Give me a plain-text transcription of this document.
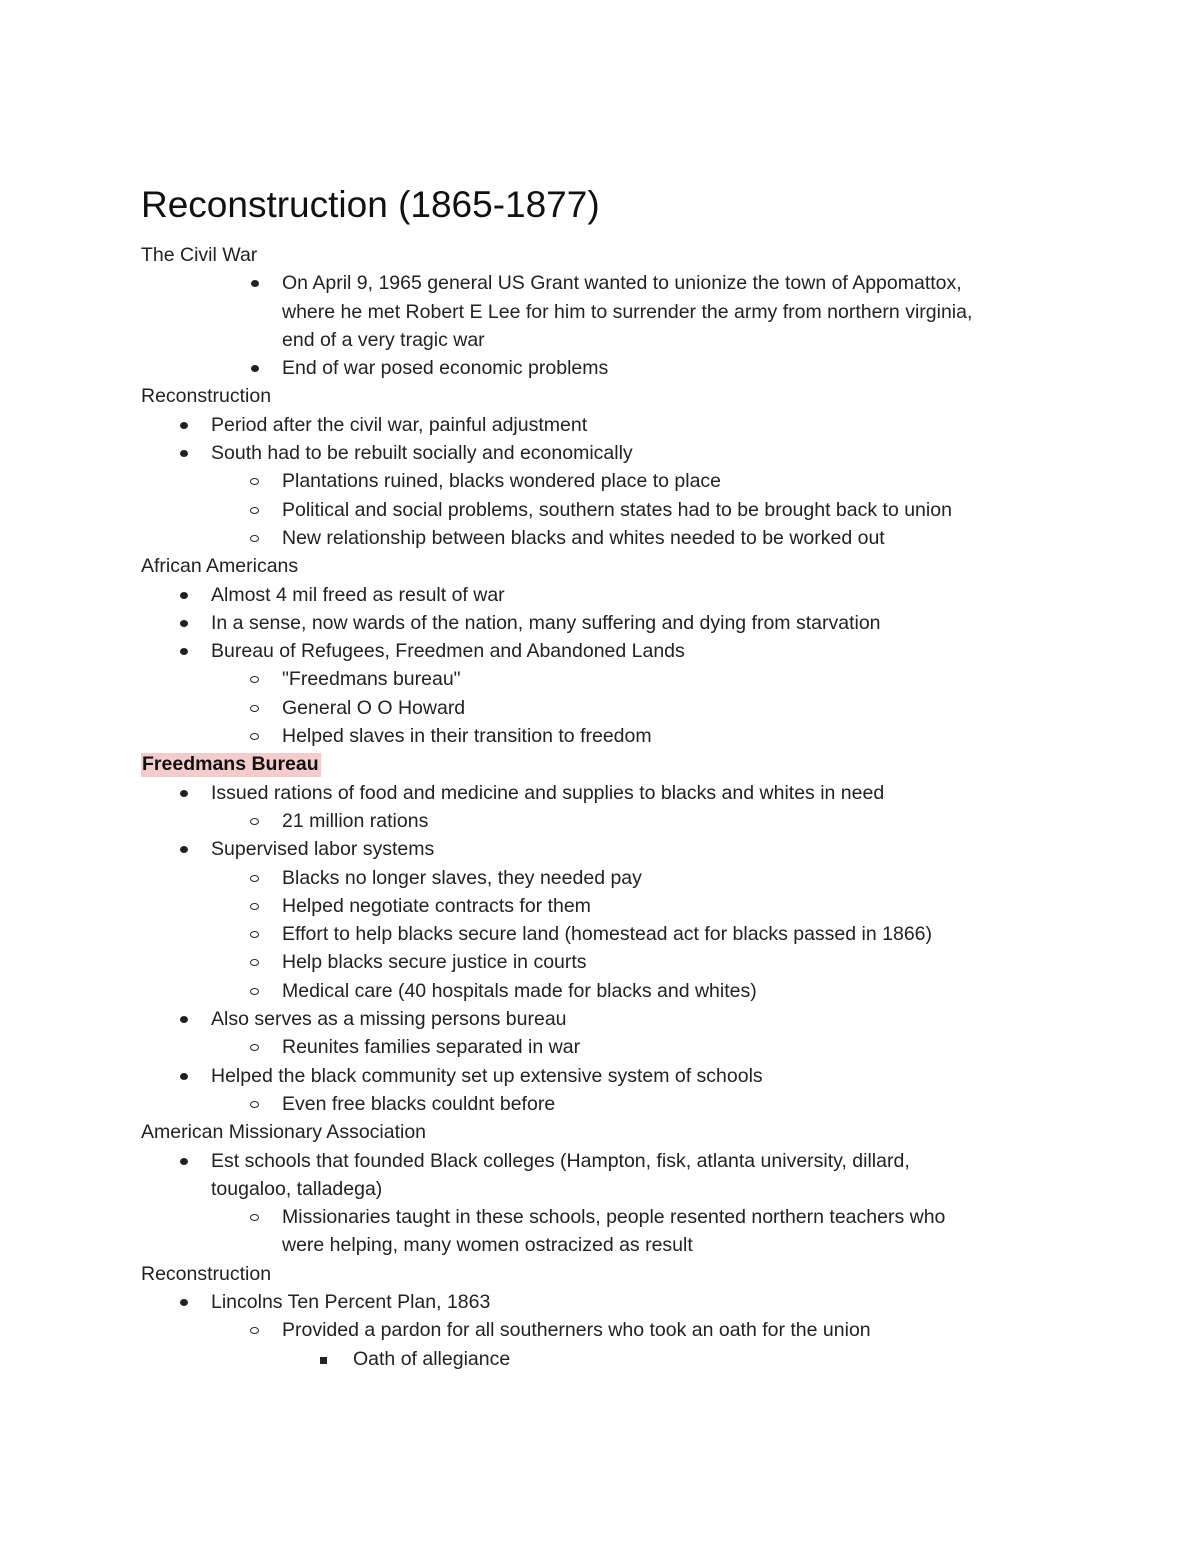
Reconstruction (1865-1877)
The Civil War
On April 9, 1965 general US Grant wanted to unionize the town of Appomattox,
where he met Robert E Lee for him to surrender the army from northern virginia,
end of a very tragic war
End of war posed economic problems
Reconstruction
Period after the civil war, painful adjustment
South had to be rebuilt socially and economically
Plantations ruined, blacks wondered place to place
Political and social problems, southern states had to be brought back to union
New relationship between blacks and whites needed to be worked out
African Americans
Almost 4 mil freed as result of war
In a sense, now wards of the nation, many suffering and dying from starvation
Bureau of Refugees, Freedmen and Abandoned Lands
"Freedmans bureau"
General O O Howard
Helped slaves in their transition to freedom
Freedmans Bureau
Issued rations of food and medicine and supplies to blacks and whites in need
21 million rations
Supervised labor systems
Blacks no longer slaves, they needed pay
Helped negotiate contracts for them
Effort to help blacks secure land (homestead act for blacks passed in 1866)
Help blacks secure justice in courts
Medical care (40 hospitals made for blacks and whites)
Also serves as a missing persons bureau
Reunites families separated in war
Helped the black community set up extensive system of schools
Even free blacks couldnt before
American Missionary Association
Est schools that founded Black colleges (Hampton, fisk, atlanta university, dillard,
tougaloo, talladega)
Missionaries taught in these schools, people resented northern teachers who
were helping, many women ostracized as result
Reconstruction
Lincolns Ten Percent Plan, 1863
Provided a pardon for all southerners who took an oath for the union
Oath of allegiance
